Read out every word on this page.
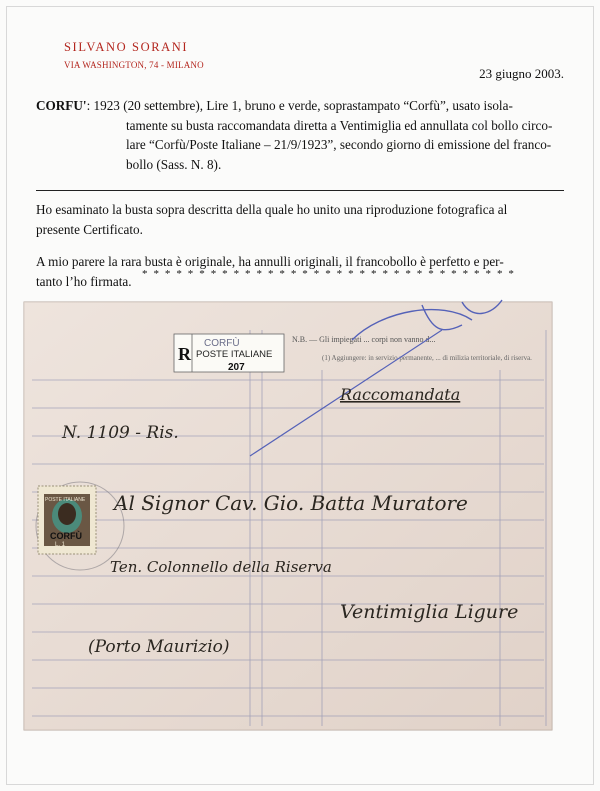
SILVANO SORANI
VIA WASHINGTON, 74 - MILANO
23 giugno 2003.
CORFU': 1923 (20 settembre), Lire 1, bruno e verde, soprastampato “Corfù”, usato isola-
tamente su busta raccomandata diretta a Ventimiglia ed annullata col bollo circo-
lare “Corfù/Poste Italiane – 21/9/1923”, secondo giorno di emissione del franco-
bollo (Sass. N. 8).
Ho esaminato la busta sopra descritta della quale ho unito una riproduzione fotografica al
presente Certificato.
A mio parere la rara busta è originale, ha annulli originali, il francobollo è perfetto e per-
tanto l’ho firmata. * * * * * * * * * * * * * * * * * * * * * * * * * * * * * * * * *
N.B. — Gli impiegati ... corpi non vanno d...
(1) Aggiungere: in servizio permanente, ... di milizia territoriale, di riserva.
R
CORFÙ
POSTE ITALIANE
207
N. 1109 - Ris.
Raccomandata
Al Signor Cav. Gio. Batta Muratore
Ten. Colonnello della Riserva
Ventimiglia Ligure
(Porto Maurizio)
POSTE ITALIANE
CORFÙ
L. 1
